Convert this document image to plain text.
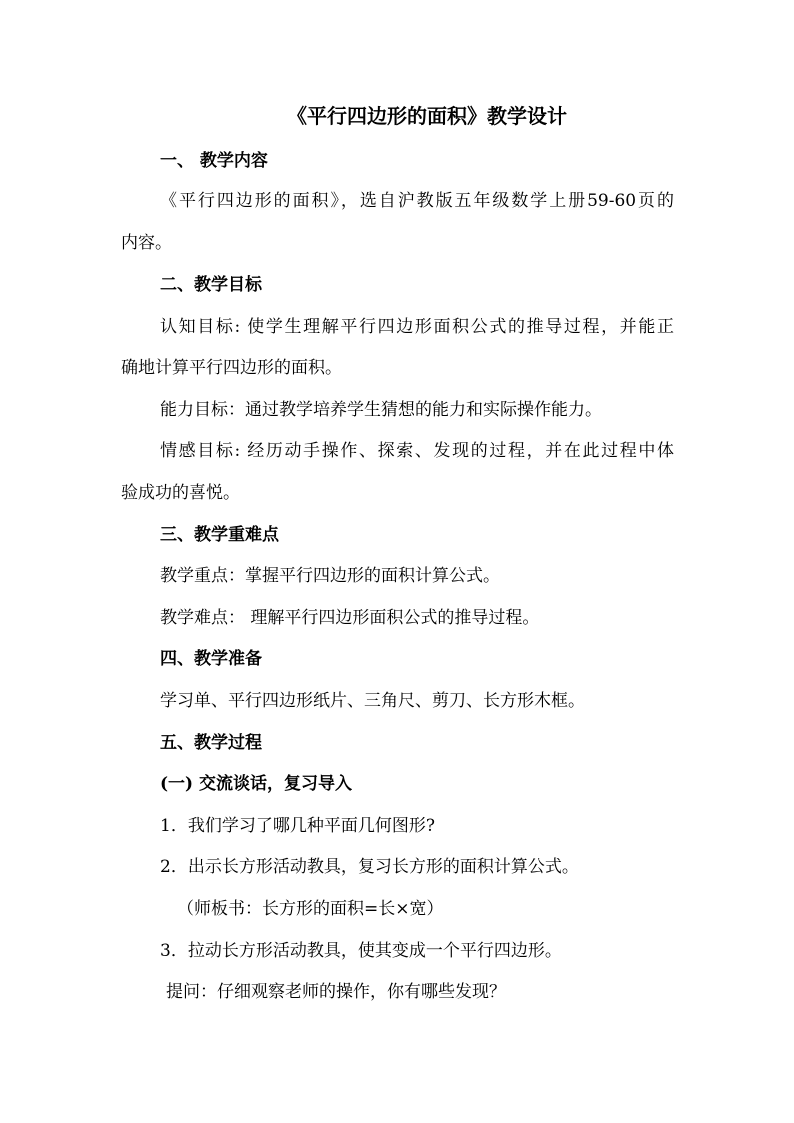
《平行四边形的面积》教学设计
一、 教学内容
《平行四边形的面积》，选自沪教版五年级数学上册59-60页的
内容。
二、教学目标
认知目标: 使学生理解平行四边形面积公式的推导过程，并能正
确地计算平行四边形的面积。
能力目标：通过教学培养学生猜想的能力和实际操作能力。
情感目标: 经历动手操作、探索、发现的过程，并在此过程中体
验成功的喜悦。
三、教学重难点
教学重点：掌握平行四边形的面积计算公式。
教学难点： 理解平行四边形面积公式的推导过程。
四、教学准备
学习单、平行四边形纸片、三角尺、剪刀、长方形木框。
五、教学过程
(一) 交流谈话，复习导入
1．我们学习了哪几种平面几何图形?
2．出示长方形活动教具，复习长方形的面积计算公式。
（师板书：长方形的面积=长×宽）
3．拉动长方形活动教具，使其变成一个平行四边形。
提问：仔细观察老师的操作，你有哪些发现？
